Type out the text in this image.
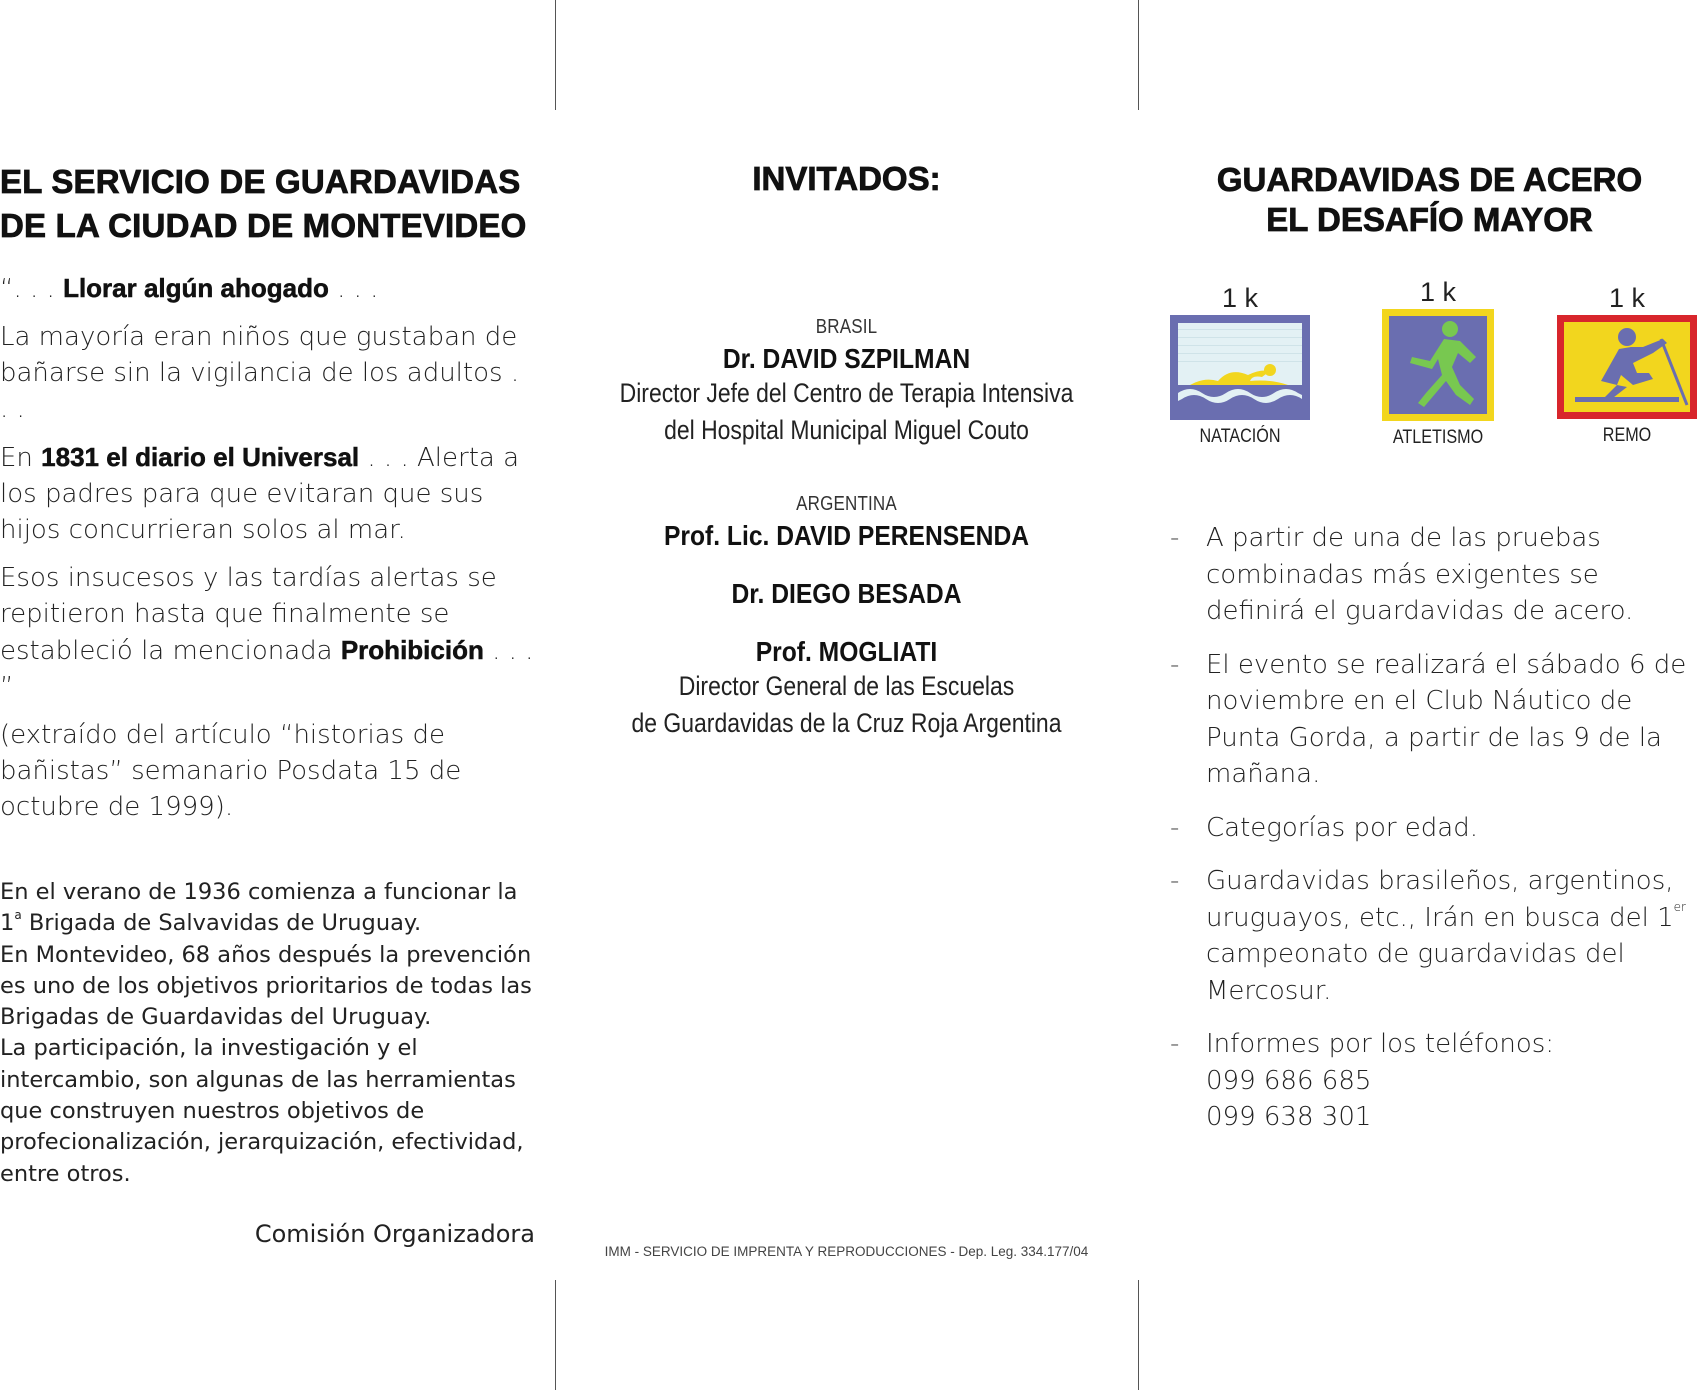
EL SERVICIO DE GUARDAVIDAS
DE LA CIUDAD DE MONTEVIDEO

“. . . Llorar algún ahogado . . .

La mayoría eran niños que gustaban de bañarse sin la vigilancia de los adultos . . .

En 1831 el diario el Universal . . . Alerta a los padres para que evitaran que sus hijos concurrieran solos al mar.

Esos insucesos y las tardías alertas se repitieron hasta que finalmente se estableció la mencionada Prohibición . . . ”

(extraído del artículo “historias de bañistas” semanario Posdata 15 de octubre de 1999).

En el verano de 1936 comienza a funcionar la 1$^a$ Brigada de Salvavidas de Uruguay.

En Montevideo, 68 años después la prevención es uno de los objetivos prioritarios de todas las Brigadas de Guardavidas del Uruguay.

La participación, la investigación y el intercambio, son algunas de las herramientas que construyen nuestros objetivos de profecionalización, jerarquización, efectividad, entre otros.

Comisión Organizadora
INVITADOS:

BRASIL

Dr. DAVID SZPILMAN

Director Jefe del Centro de Terapia Intensiva

del Hospital Municipal Miguel Couto

ARGENTINA

Prof. Lic. DAVID PERENSENDA

Dr. DIEGO BESADA

Prof. MOGLIATI

Director General de las Escuelas

de Guardavidas de la Cruz Roja Argentina

IMM - SERVICIO DE IMPRENTA Y REPRODUCCIONES - Dep. Leg. 334.177/04
GUARDAVIDAS DE ACERO
EL DESAFÍO MAYOR
1 k
NATACIÓN
1 k
ATLETISMO
1 k
REMO
- A partir de una de las pruebas combinadas más exigentes se definirá el guardavidas de acero.
- El evento se realizará el sábado 6 de noviembre en el Club Náutico de Punta Gorda, a partir de las 9 de la mañana.
- Categorías por edad.
- Guardavidas brasileños, argentinos, uruguayos, etc., Irán en busca del 1er campeonato de guardavidas del Mercosur.
- Informes por los teléfonos:
099 686 685
099 638 301
